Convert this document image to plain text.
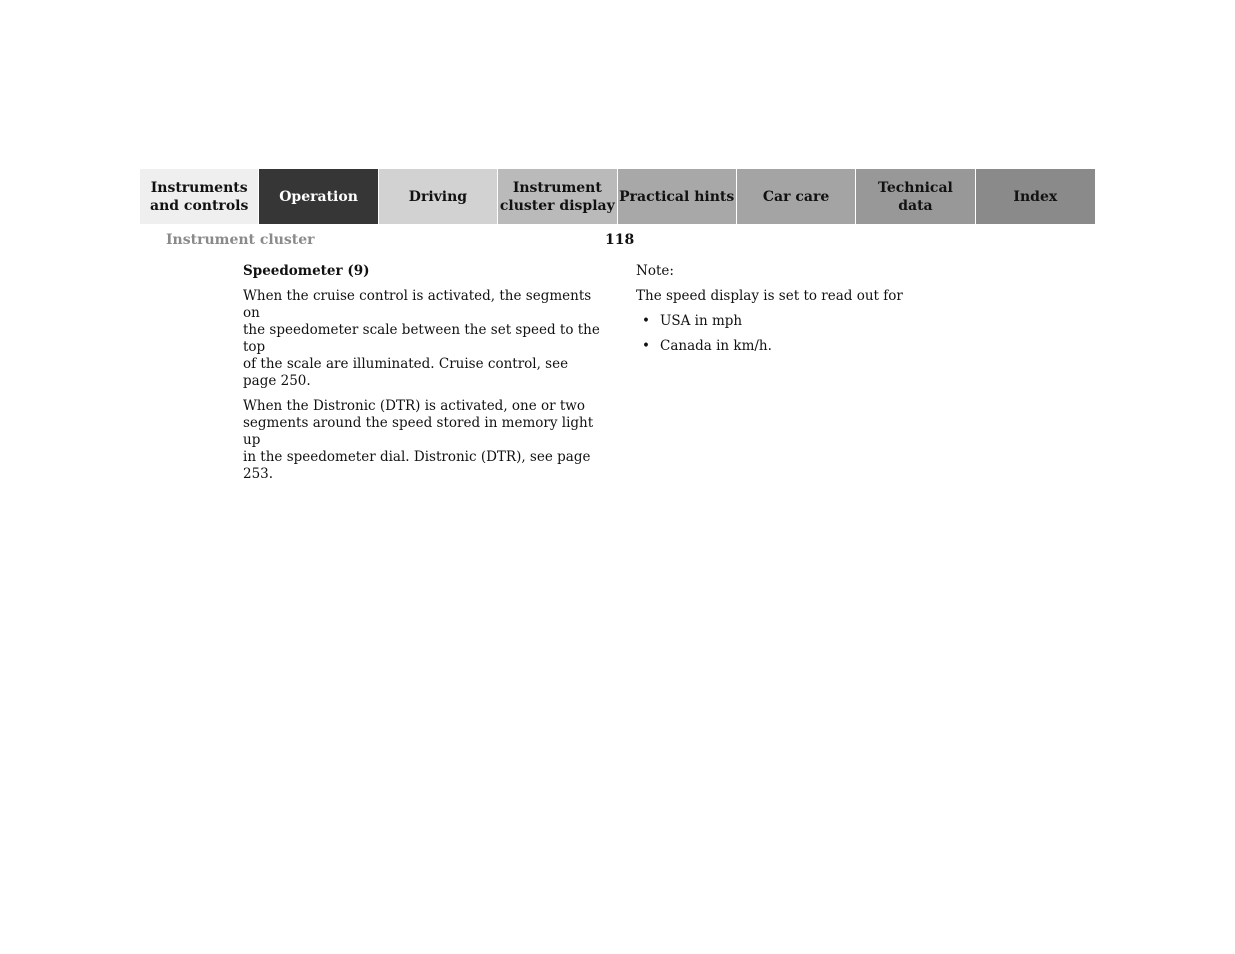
Instruments
and controls
Operation	Driving
Instrument
cluster display
Practical hints	Car care
Technical
data
Index
Instrument cluster	118

Speedometer (9)

When the cruise control is activated, the segments on
the speedometer scale between the set speed to the top
of the scale are illuminated. Cruise control, see
page 250.

When the Distronic (DTR) is activated, one or two
segments around the speed stored in memory light up
in the speedometer dial. Distronic (DTR), see page 253.

Note:

The speed display is set to read out for

• USA in mph
• Canada in km/h.
